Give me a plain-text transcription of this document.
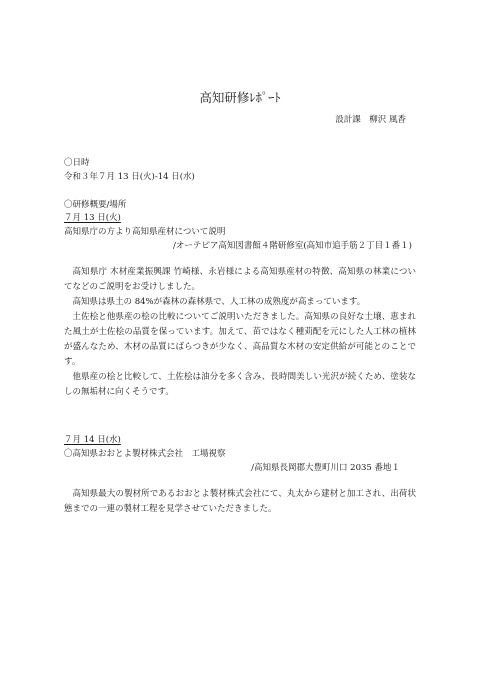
高知研修ﾚﾎﾟｰﾄ
設計課　柳沢 風香
〇日時
令和３年７月 13 日(火)-14 日(水)
〇研修概要/場所
７月 13 日(火)
高知県庁の方より高知県産材について説明
/オーテピア高知図書館４階研修室(高知市追手筋２丁目１番１)

高知県庁 木材産業振興課 竹崎様、永岩様による高知県産材の特徴、高知県の林業についてなどのご説明をお受けしました。

高知県は県土の 84%が森林の森林県で、人工林の成熟度が高まっています。

土佐桧と他県産の桧の比較についてご説明いただきました。高知県の良好な土壌、恵まれた風土が土佐桧の品質を保っています。加えて、苗ではなく種苅配を元にした人工林の植林が盛んなため、木材の品質にばらつきが少なく、高品質な木材の安定供給が可能とのことです。

他県産の桧と比較して、土佐桧は油分を多く含み、長時間美しい光沢が続くため、塗装なしの無垢材に向くそうです。

７月 14 日(水)
〇高知県おおとよ製材株式会社　工場視察
/高知県長岡郡大豊町川口 2035 番地１

高知県最大の製材所であるおおとよ製材株式会社にて、丸太から建材と加工され、出荷状態までの一連の製材工程を見学させていただきました。
